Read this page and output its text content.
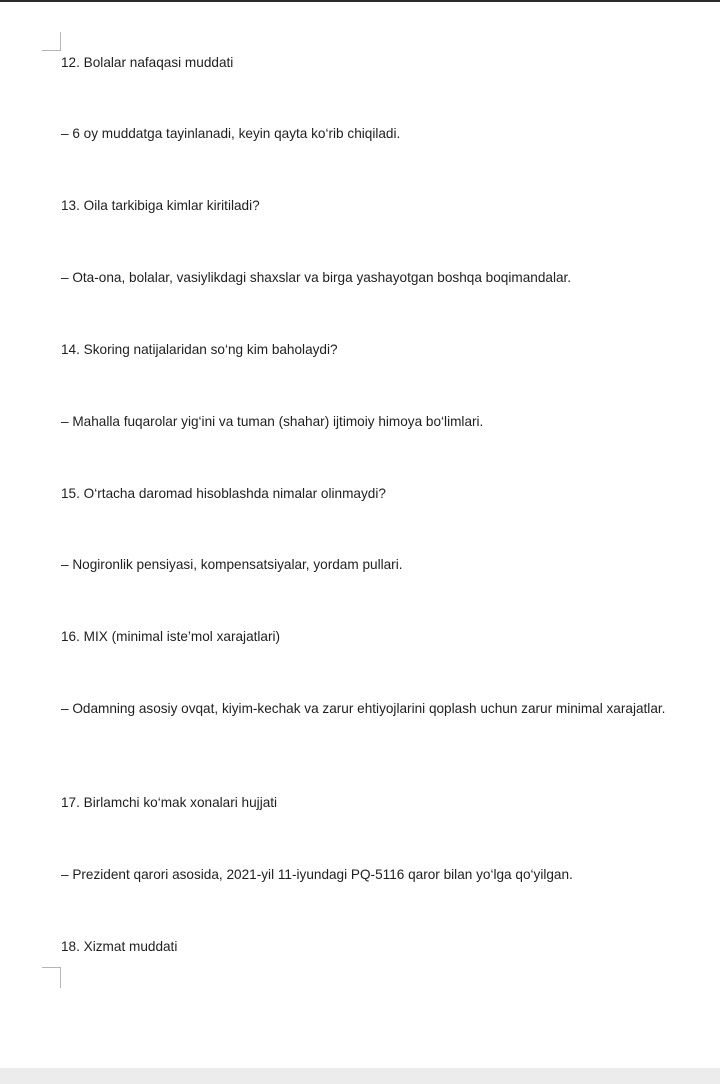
12. Bolalar nafaqasi muddati

– 6 oy muddatga tayinlanadi, keyin qayta ko‘rib chiqiladi.

13. Oila tarkibiga kimlar kiritiladi?

– Ota-ona, bolalar, vasiylikdagi shaxslar va birga yashayotgan boshqa boqimandalar.

14. Skoring natijalaridan so‘ng kim baholaydi?

– Mahalla fuqarolar yig‘ini va tuman (shahar) ijtimoiy himoya bo‘limlari.

15. O‘rtacha daromad hisoblashda nimalar olinmaydi?

– Nogironlik pensiyasi, kompensatsiyalar, yordam pullari.

16. MIX (minimal iste’mol xarajatlari)

– Odamning asosiy ovqat, kiyim-kechak va zarur ehtiyojlarini qoplash uchun zarur minimal xarajatlar.

17. Birlamchi ko‘mak xonalari hujjati

– Prezident qarori asosida, 2021-yil 11-iyundagi PQ-5116 qaror bilan yo‘lga qo‘yilgan.

18. Xizmat muddati
